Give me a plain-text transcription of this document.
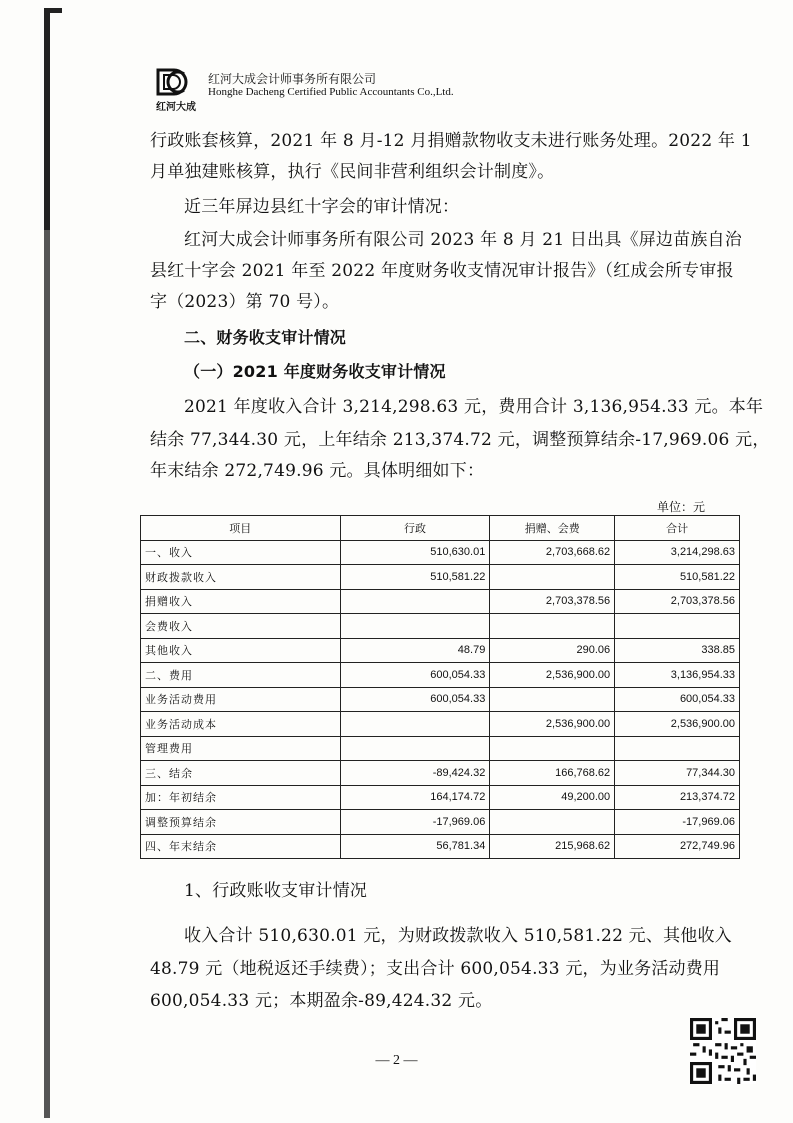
红河大成
红河大成会计师事务所有限公司
Honghe Dacheng Certified Public Accountants Co.,Ltd.
行政账套核算，2021 年 8 月-12 月捐赠款物收支未进行账务处理。2022 年 1
月单独建账核算，执行《民间非营利组织会计制度》。
近三年屏边县红十字会的审计情况：
红河大成会计师事务所有限公司 2023 年 8 月 21 日出具《屏边苗族自治
县红十字会 2021 年至 2022 年度财务收支情况审计报告》（红成会所专审报
字（2023）第 70 号）。
二、财务收支审计情况
（一）2021 年度财务收支审计情况
2021 年度收入合计 3,214,298.63 元，费用合计 3,136,954.33 元。本年
结余 77,344.30 元，上年结余 213,374.72 元，调整预算结余-17,969.06 元，
年末结余 272,749.96 元。具体明细如下：
单位：元
项目	行政	捐赠、会费	合计
一、收入	510,630.01	2,703,668.62	3,214,298.63
财政拨款收入	510,581.22		510,581.22
捐赠收入		2,703,378.56	2,703,378.56
会费收入			
其他收入	48.79	290.06	338.85
二、费用	600,054.33	2,536,900.00	3,136,954.33
业务活动费用	600,054.33		600,054.33
业务活动成本		2,536,900.00	2,536,900.00
管理费用			
三、结余	-89,424.32	166,768.62	77,344.30
加：年初结余	164,174.72	49,200.00	213,374.72
调整预算结余	-17,969.06		-17,969.06
四、年末结余	56,781.34	215,968.62	272,749.96
1、行政账收支审计情况
收入合计 510,630.01 元，为财政拨款收入 510,581.22 元、其他收入
48.79 元（地税返还手续费）；支出合计 600,054.33 元，为业务活动费用
600,054.33 元；本期盈余-89,424.32 元。
— 2 —
